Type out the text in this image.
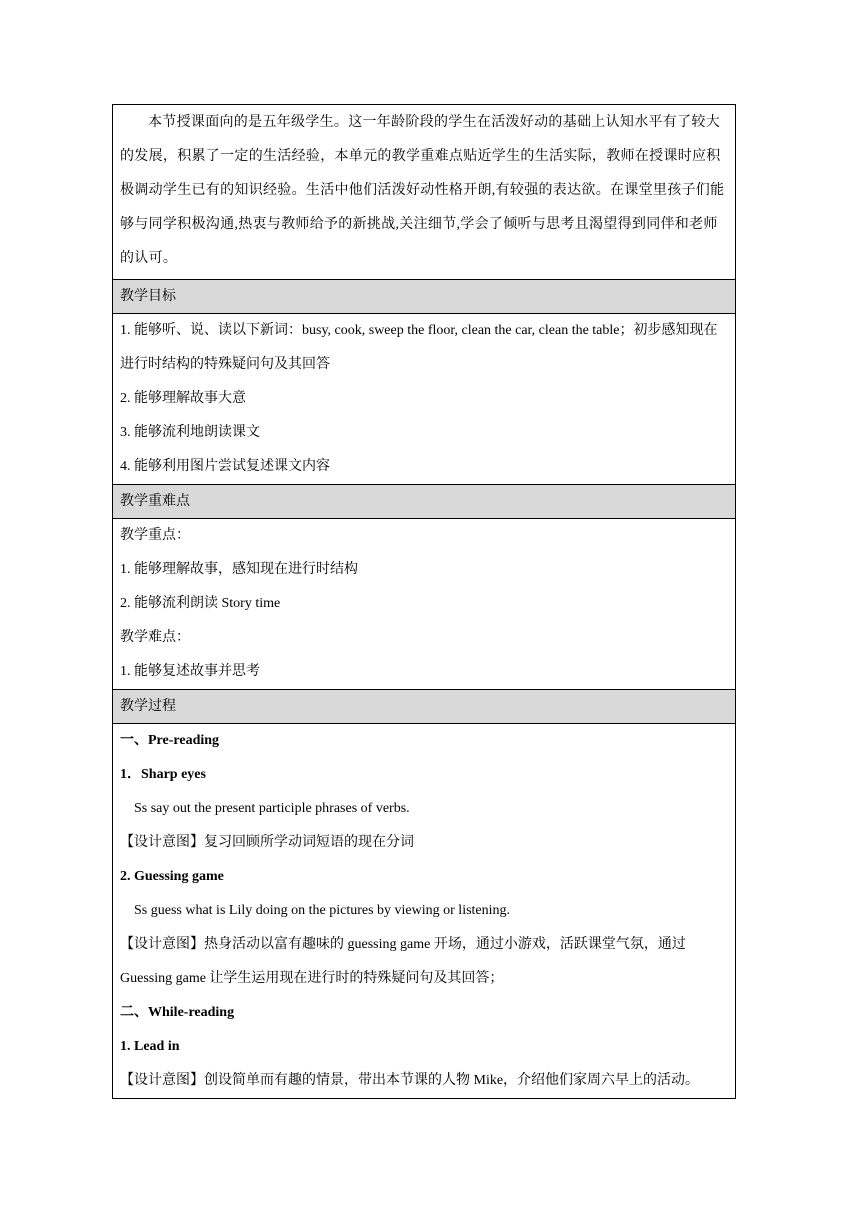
本节授课面向的是五年级学生。这一年龄阶段的学生在活泼好动的基础上认知水平有了较大的发展，积累了一定的生活经验，本单元的教学重难点贴近学生的生活实际，教师在授课时应积极调动学生已有的知识经验。生活中他们活泼好动性格开朗,有较强的表达欲。在课堂里孩子们能够与同学积极沟通,热衷与教师给予的新挑战,关注细节,学会了倾听与思考且渴望得到同伴和老师的认可。
教学目标
1. 能够听、说、读以下新词：busy, cook, sweep the floor, clean the car, clean the table；初步感知现在进行时结构的特殊疑问句及其回答
2. 能够理解故事大意
3. 能够流利地朗读课文
4. 能够利用图片尝试复述课文内容
教学重难点
教学重点：
1. 能够理解故事，感知现在进行时结构
2. 能够流利朗读 Story time
教学难点：
1. 能够复述故事并思考
教学过程
一、Pre-reading
1．Sharp eyes
Ss say out the present participle phrases of verbs.
【设计意图】复习回顾所学动词短语的现在分词
2. Guessing game
Ss guess what is Lily doing on the pictures by viewing or listening.
【设计意图】热身活动以富有趣味的 guessing game 开场，通过小游戏，活跃课堂气氛，通过 Guessing game 让学生运用现在进行时的特殊疑问句及其回答；
二、While-reading
1. Lead in
【设计意图】创设简单而有趣的情景，带出本节课的人物 Mike，介绍他们家周六早上的活动。
